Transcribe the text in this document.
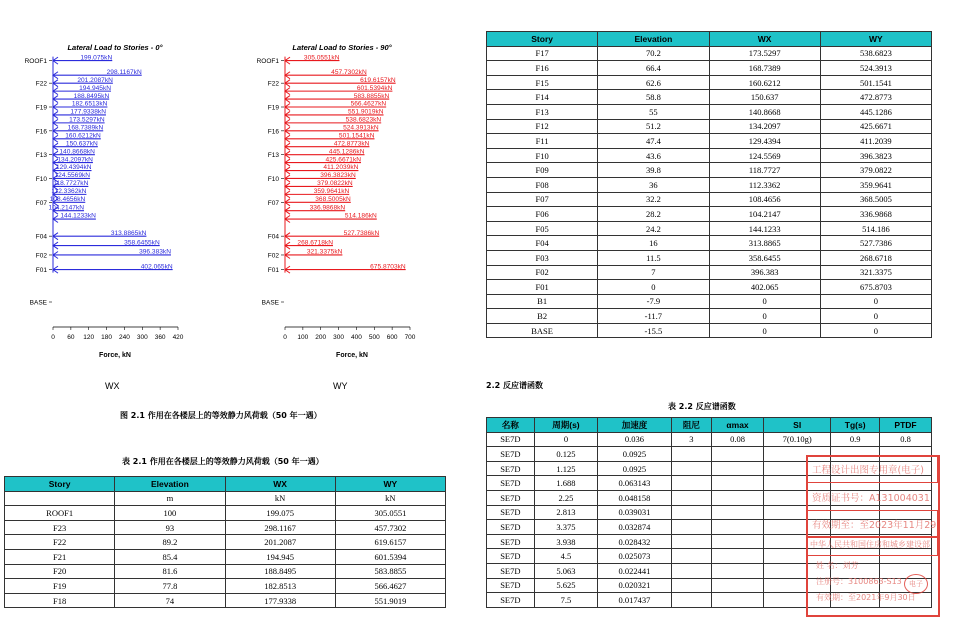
Lateral Load to Stories - 0°
ROOF1
F22
F19
F16
F13
F10
F07
F04
F02
F01
BASE
199.075kN
298.1167kN
201.2087kN
194.945kN
188.8495kN
182.6513kN
177.9338kN
173.5297kN
168.7389kN
160.6212kN
150.637kN
140.8668kN
134.2097kN
129.4394kN
124.5569kN
118.7727kN
112.3362kN
108.4656kN
104.2147kN
144.1233kN
313.8865kN
358.6455kN
396.383kN
402.065kN
0 60 120 180 240 300 360 420
Force, kN
Lateral Load to Stories - 90°
ROOF1
F22
F19
F16
F13
F10
F07
F04
F02
F01
BASE
305.0551kN
457.7302kN
619.6157kN
601.5394kN
583.8855kN
566.4627kN
551.9019kN
538.6823kN
524.3913kN
501.1541kN
472.8773kN
445.1286kN
425.6671kN
411.2039kN
396.3823kN
379.0822kN
359.9641kN
368.5005kN
336.9868kN
514.186kN
527.7386kN
268.6718kN
321.3375kN
675.8703kN
0 100 200 300 400 500 600 700
Force, kN
WX	WY
图 2.1 作用在各楼层上的等效静力风荷载（50 年一遇）
表 2.1 作用在各楼层上的等效静力风荷载（50 年一遇）
Story	Elevation	WX	WY
	m	kN	kN
ROOF1	100	199.075	305.0551
F23	93	298.1167	457.7302
F22	89.2	201.2087	619.6157
F21	85.4	194.945	601.5394
F20	81.6	188.8495	583.8855
F19	77.8	182.8513	566.4627
F18	74	177.9338	551.9019
Story	Elevation	WX	WY
F17	70.2	173.5297	538.6823
F16	66.4	168.7389	524.3913
F15	62.6	160.6212	501.1541
F14	58.8	150.637	472.8773
F13	55	140.8668	445.1286
F12	51.2	134.2097	425.6671
F11	47.4	129.4394	411.2039
F10	43.6	124.5569	396.3823
F09	39.8	118.7727	379.0822
F08	36	112.3362	359.9641
F07	32.2	108.4656	368.5005
F06	28.2	104.2147	336.9868
F05	24.2	144.1233	514.186
F04	16	313.8865	527.7386
F03	11.5	358.6455	268.6718
F02	7	396.383	321.3375
F01	0	402.065	675.8703
B1	-7.9	0	0
B2	-11.7	0	0
BASE	-15.5	0	0
2.2 反应谱函数
表 2.2 反应谱函数
名称	周期(s)	加速度	阻尼	αmax	SI	Tg(s)	PTDF
SE7D	0	0.036	3	0.08	7(0.10g)	0.9	0.8
SE7D	0.125	0.0925					
SE7D	1.125	0.0925					
SE7D	1.688	0.063143					
SE7D	2.25	0.048158					
SE7D	2.813	0.039031					
SE7D	3.375	0.032874					
SE7D	3.938	0.028432					
SE7D	4.5	0.025073					
SE7D	5.063	0.022441					
SE7D	5.625	0.020321					
SE7D	7.5	0.017437					
工程设计出图专用章(电子)
资质证书号：A131004031
有效期至：至2023年11月29
中华人民共和国住房和城乡建设部
姓 名：刘芳
注册号：3100863-S13
有效期：至2021年9月30日
电子
